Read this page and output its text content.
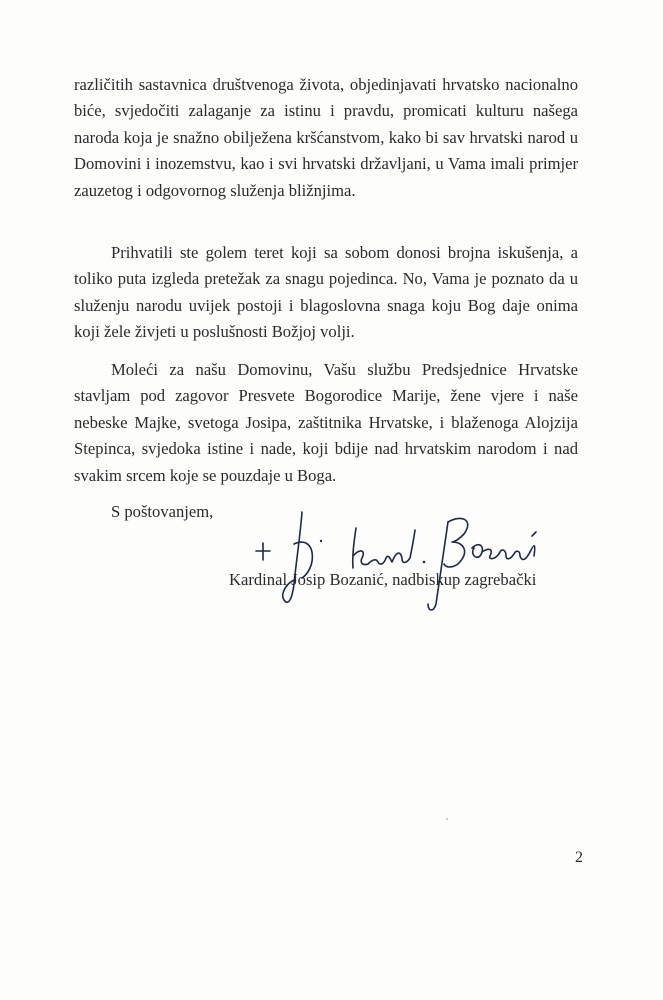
različitih sastavnica društvenoga života, objedinjavati hrvatsko nacionalno biće, svjedočiti zalaganje za istinu i pravdu, promicati kulturu našega naroda koja je snažno obilježena kršćanstvom, kako bi sav hrvatski narod u Domovini i inozemstvu, kao i svi hrvatski državljani, u Vama imali primjer zauzetog i odgovornog služenja bližnjima.

Prihvatili ste golem teret koji sa sobom donosi brojna iskušenja, a toliko puta izgleda pretežak za snagu pojedinca. No, Vama je poznato da u služenju narodu uvijek postoji i blagoslovna snaga koju Bog daje onima koji žele živjeti u poslušnosti Božjoj volji.

Moleći za našu Domovinu, Vašu službu Predsjednice Hrvatske stavljam pod zagovor Presvete Bogorodice Marije, žene vjere i naše nebeske Majke, svetoga Josipa, zaštitnika Hrvatske, i blaženoga Alojzija Stepinca, svjedoka istine i nade, koji bdije nad hrvatskim narodom i nad svakim srcem koje se pouzdaje u Boga.

S poštovanjem,

Kardinal Josip Bozanić, nadbiskup zagrebački

2
